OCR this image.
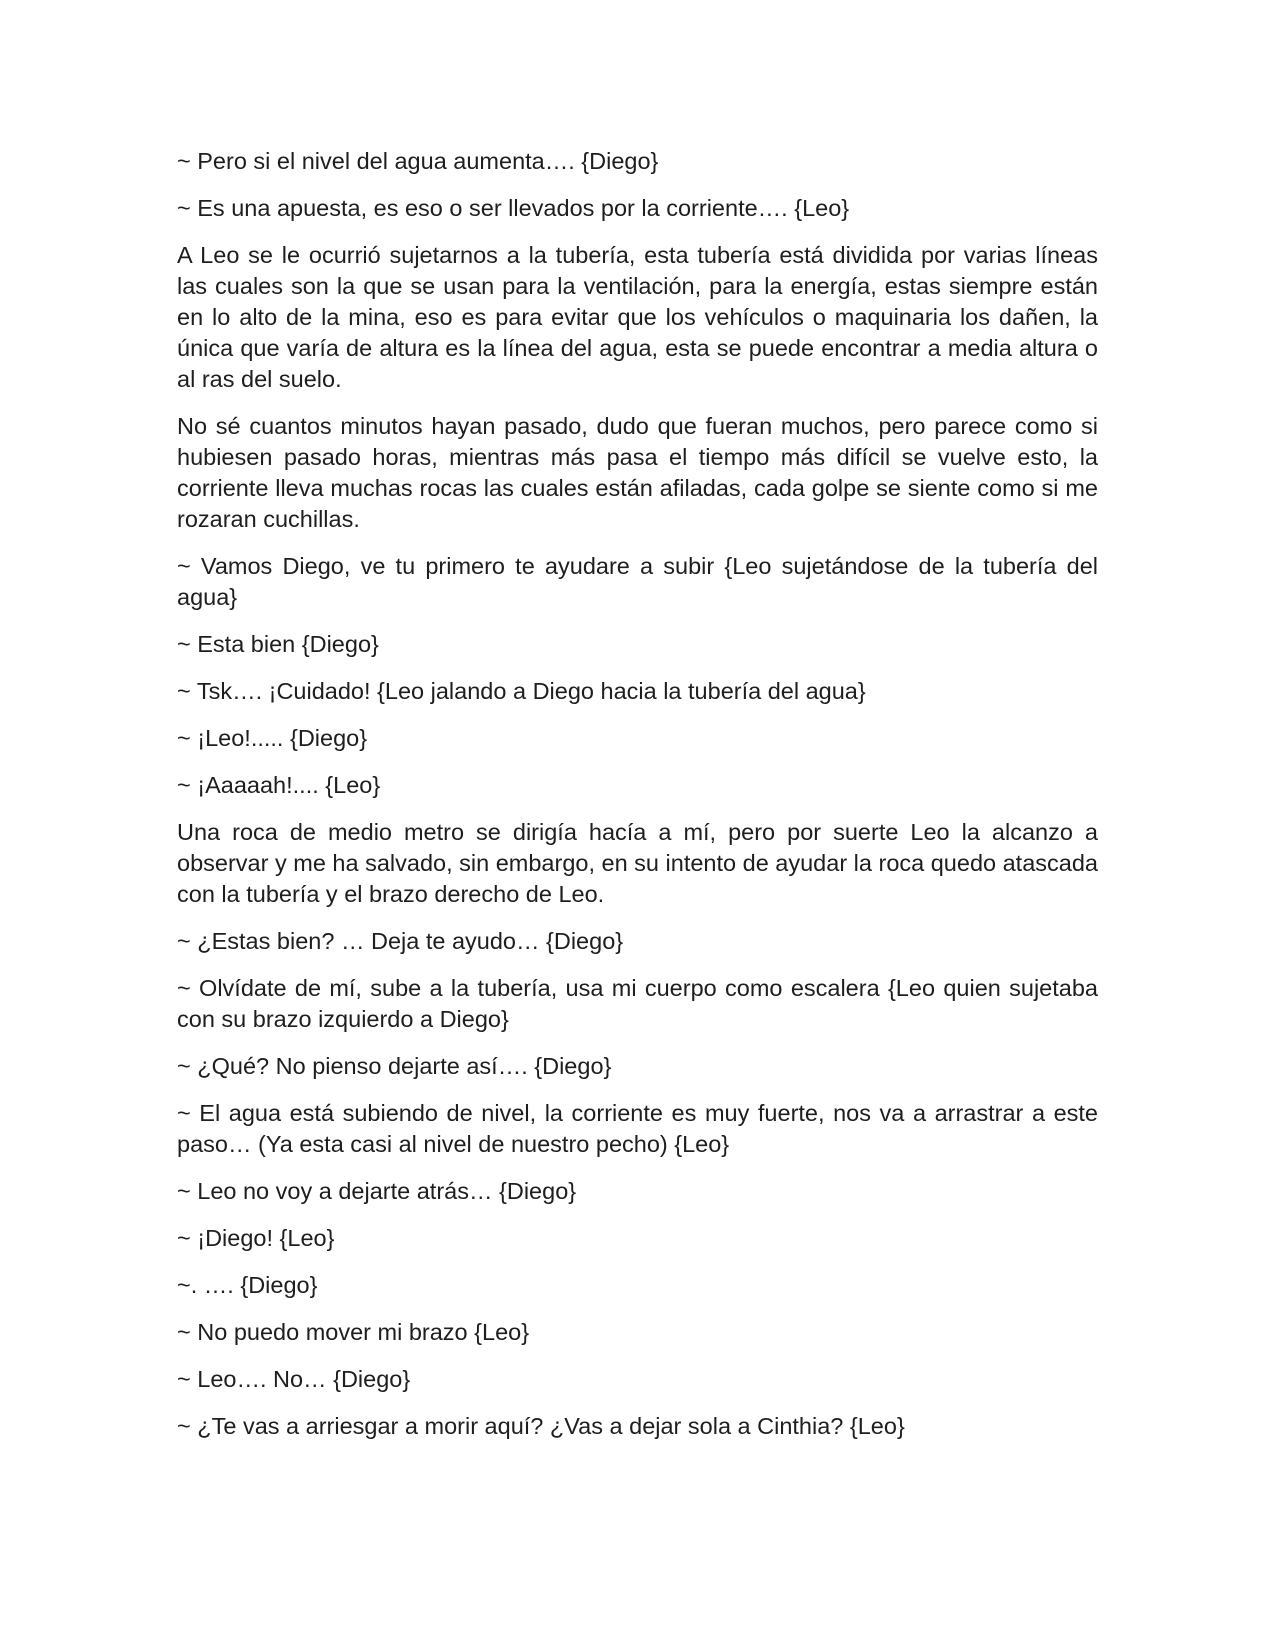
~ Pero si el nivel del agua aumenta…. {Diego}

~ Es una apuesta, es eso o ser llevados por la corriente…. {Leo}

A Leo se le ocurrió sujetarnos a la tubería, esta tubería está dividida por varias líneas las cuales son la que se usan para la ventilación, para la energía, estas siempre están en lo alto de la mina, eso es para evitar que los vehículos o maquinaria los dañen, la única que varía de altura es la línea del agua, esta se puede encontrar a media altura o al ras del suelo.

No sé cuantos minutos hayan pasado, dudo que fueran muchos, pero parece como si hubiesen pasado horas, mientras más pasa el tiempo más difícil se vuelve esto, la corriente lleva muchas rocas las cuales están afiladas, cada golpe se siente como si me rozaran cuchillas.

~ Vamos Diego, ve tu primero te ayudare a subir {Leo sujetándose de la tubería del agua}

~ Esta bien {Diego}

~ Tsk…. ¡Cuidado! {Leo jalando a Diego hacia la tubería del agua}

~ ¡Leo!..... {Diego}

~ ¡Aaaaah!.... {Leo}

Una roca de medio metro se dirigía hacía a mí, pero por suerte Leo la alcanzo a observar y me ha salvado, sin embargo, en su intento de ayudar la roca quedo atascada con la tubería y el brazo derecho de Leo.

~ ¿Estas bien? … Deja te ayudo… {Diego}

~ Olvídate de mí, sube a la tubería, usa mi cuerpo como escalera {Leo quien sujetaba con su brazo izquierdo a Diego}

~ ¿Qué? No pienso dejarte así…. {Diego}

~ El agua está subiendo de nivel, la corriente es muy fuerte, nos va a arrastrar a este paso… (Ya esta casi al nivel de nuestro pecho) {Leo}

~ Leo no voy a dejarte atrás… {Diego}

~ ¡Diego! {Leo}

~. …. {Diego}

~ No puedo mover mi brazo {Leo}

~ Leo…. No… {Diego}

~ ¿Te vas a arriesgar a morir aquí? ¿Vas a dejar sola a Cinthia? {Leo}
